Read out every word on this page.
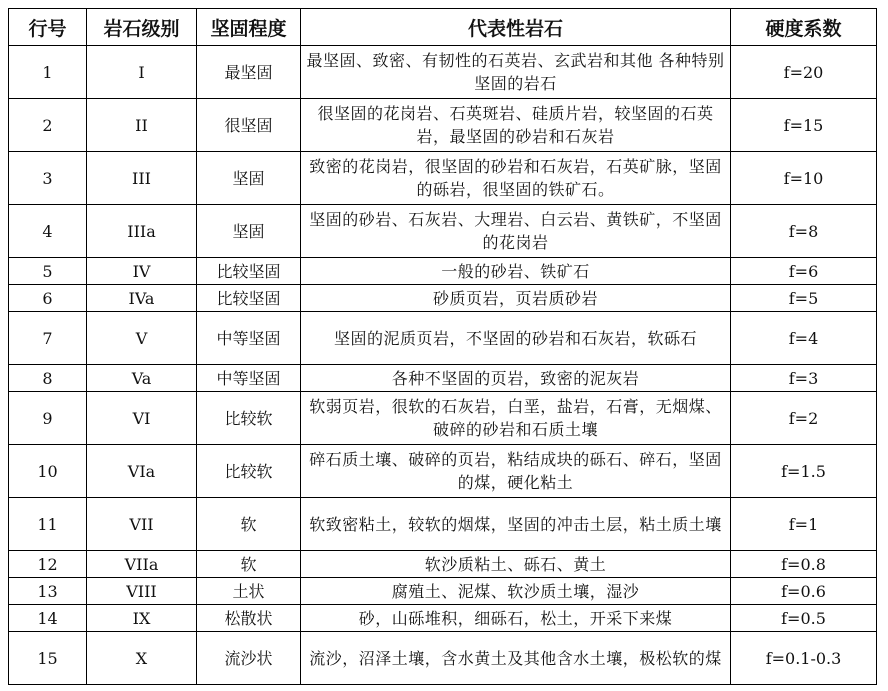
行号	岩石级别	坚固程度	代表性岩石	硬度系数
1	I	最坚固	最坚固、致密、有韧性的石英岩、玄武岩和其他 各种特别坚固的岩石	f=20
2	II	很坚固	很坚固的花岗岩、石英斑岩、硅质片岩，较坚固的石英岩，最坚固的砂岩和石灰岩	f=15
3	III	坚固	致密的花岗岩，很坚固的砂岩和石灰岩，石英矿脉，坚固的砾岩，很坚固的铁矿石。	f=10
4	IIIa	坚固	坚固的砂岩、石灰岩、大理岩、白云岩、黄铁矿，不坚固的花岗岩	f=8
5	IV	比较坚固	一般的砂岩、铁矿石	f=6
6	IVa	比较坚固	砂质页岩，页岩质砂岩	f=5
7	V	中等坚固	坚固的泥质页岩，不坚固的砂岩和石灰岩，软砾石	f=4
8	Va	中等坚固	各种不坚固的页岩，致密的泥灰岩	f=3
9	VI	比较软	软弱页岩，很软的石灰岩，白垩，盐岩，石膏，无烟煤、破碎的砂岩和石质土壤	f=2
10	VIa	比较软	碎石质土壤、破碎的页岩，粘结成块的砾石、碎石，坚固的煤，硬化粘土	f=1.5
11	VII	软	软致密粘土，较软的烟煤，坚固的冲击土层，粘土质土壤	f=1
12	VIIa	软	软沙质粘土、砾石、黄土	f=0.8
13	VIII	土状	腐殖土、泥煤、软沙质土壤，湿沙	f=0.6
14	IX	松散状	砂，山砾堆积，细砾石，松土，开采下来煤	f=0.5
15	X	流沙状	流沙，沼泽土壤，含水黄土及其他含水土壤，极松软的煤	f=0.1-0.3
